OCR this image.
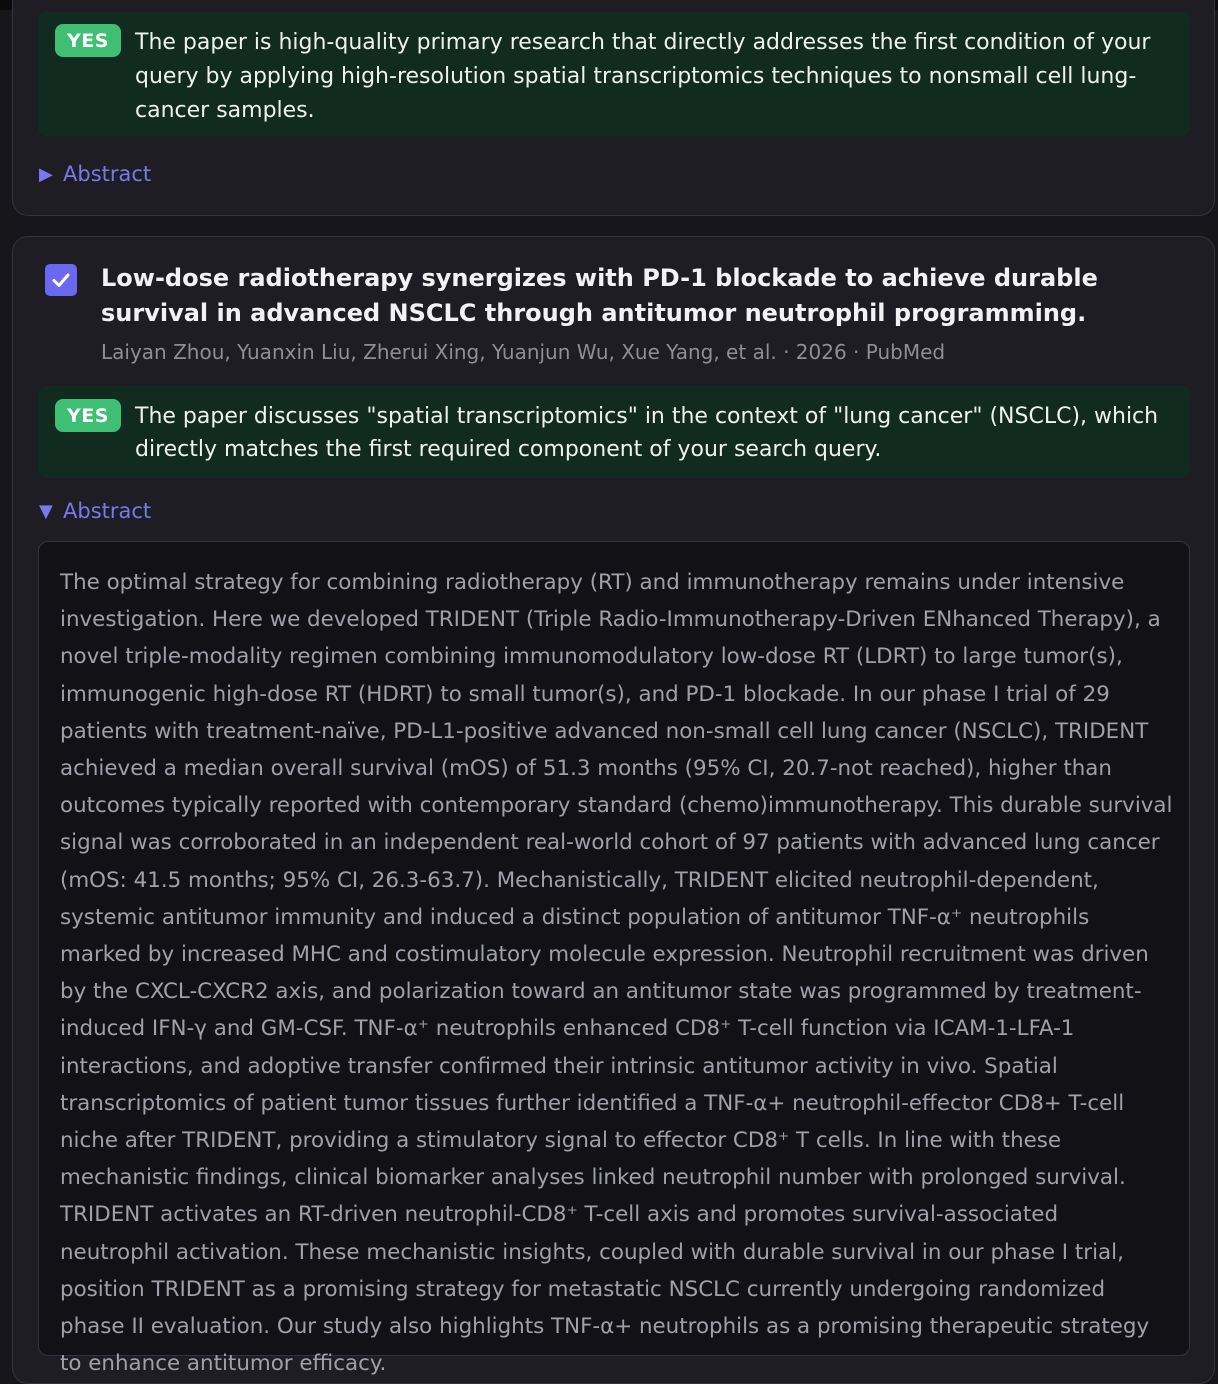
YES	The paper is high-quality primary research that directly addresses the first condition of your query by applying high-resolution spatial transcriptomics techniques to nonsmall cell lung-cancer samples.
▶ Abstract
Low-dose radiotherapy synergizes with PD-1 blockade to achieve durable survival in advanced NSCLC through antitumor neutrophil programming.
Laiyan Zhou, Yuanxin Liu, Zherui Xing, Yuanjun Wu, Xue Yang, et al. · 2026 · PubMed
YES	The paper discusses "spatial transcriptomics" in the context of "lung cancer" (NSCLC), which directly matches the first required component of your search query.
▼ Abstract
The optimal strategy for combining radiotherapy (RT) and immunotherapy remains under intensive investigation. Here we developed TRIDENT (Triple Radio-Immunotherapy-Driven ENhanced Therapy), a novel triple-modality regimen combining immunomodulatory low-dose RT (LDRT) to large tumor(s), immunogenic high-dose RT (HDRT) to small tumor(s), and PD-1 blockade. In our phase I trial of 29 patients with treatment-naïve, PD-L1-positive advanced non-small cell lung cancer (NSCLC), TRIDENT achieved a median overall survival (mOS) of 51.3 months (95% CI, 20.7-not reached), higher than outcomes typically reported with contemporary standard (chemo)immunotherapy. This durable survival signal was corroborated in an independent real-world cohort of 97 patients with advanced lung cancer (mOS: 41.5 months; 95% CI, 26.3-63.7). Mechanistically, TRIDENT elicited neutrophil-dependent, systemic antitumor immunity and induced a distinct population of antitumor TNF-α⁺ neutrophils marked by increased MHC and costimulatory molecule expression. Neutrophil recruitment was driven by the CXCL-CXCR2 axis, and polarization toward an antitumor state was programmed by treatment-induced IFN-γ and GM-CSF. TNF-α⁺ neutrophils enhanced CD8⁺ T-cell function via ICAM-1-LFA-1 interactions, and adoptive transfer confirmed their intrinsic antitumor activity in vivo. Spatial transcriptomics of patient tumor tissues further identified a TNF-α+ neutrophil-effector CD8+ T-cell niche after TRIDENT, providing a stimulatory signal to effector CD8⁺ T cells. In line with these mechanistic findings, clinical biomarker analyses linked neutrophil number with prolonged survival. TRIDENT activates an RT-driven neutrophil-CD8⁺ T-cell axis and promotes survival-associated neutrophil activation. These mechanistic insights, coupled with durable survival in our phase I trial, position TRIDENT as a promising strategy for metastatic NSCLC currently undergoing randomized phase II evaluation. Our study also highlights TNF-α+ neutrophils as a promising therapeutic strategy to enhance antitumor efficacy.
